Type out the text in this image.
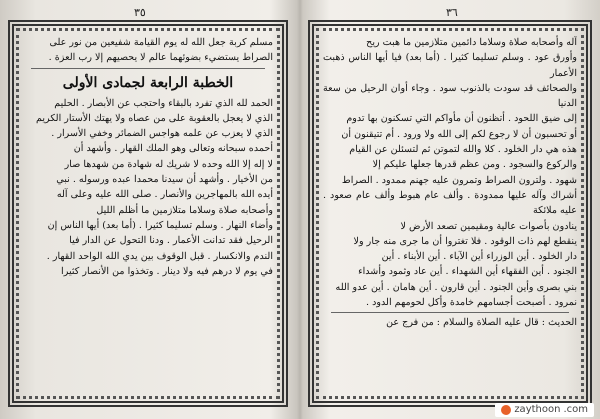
٣٥

مسلم كربة جعل الله له يوم القيامة شفيعين من نور على

الصراط يستضيء بضوئهما عالم لا يحصيهم إلا رب العزة .

الخطبة الرابعة لجمادى الأولى

الحمد لله الذي تفرد بالبقاء واحتجب عن الأبصار . الحليم

الذي لا يعجل بالعقوبة على من عصاه ولا يهتك الأستار الكريم

الذي لا يعزب عن علمه هواجس الضمائر وخفي الأسرار .

أحمده سبحانه وتعالى وهو الملك القهار . وأشهد أن

لا إله إلا الله وحده لا شريك له شهادة من شهدها صار

من الأخيار . وأشهد أن سيدنا محمدا عبده ورسوله . نبي

أيده الله بالمهاجرين والأنصار . صلى الله عليه وعلى آله

وأصحابه صلاة وسلاما متلازمين ما أظلم الليل

وأضاء النهار . وسلم تسليما كثيرا . (أما بعد) أيها الناس إن

الرحيل فقد تدانت الأعمار . ودنا التحول عن الدار فيا

الندم والانكسار . قبل الوقوف بين يدي الله الواحد القهار .

في يوم لا درهم فيه ولا دينار . وتخذوا من الأنصار كثيرا

٣٦

آله وأصحابه صلاة وسلاما دائمين متلازمين ما هبت ريح

وأورق عود . وسلم تسليما كثيرا . (أما بعد) فيا أيها الناس ذهبت الأعمار

والصحائف قد سودت بالذنوب سود . وجاء أوان الرحيل من سعة الدنيا

إلى ضيق اللحود . أتظنون أن مأواكم التي تسكنون بها تدوم

أو تحسبون أن لا رجوع لكم إلى الله ولا ورود . أم تتيقنون أن

هذه هي دار الخلود . كلا والله لتموتن ثم لتسئلن عن القيام

والركوع والسجود . ومن عظم قدرها جعلها عليكم إلا

شهود . ولترون الصراط وتمرون عليه جهنم ممدود . الصراط

أشراك وآله عليها ممدودة . وألف عام هبوط وألف عام صعود . عليه ملائكة

ينادون بأصوات عالية ومقيمين تصعد الأرض لا

ينقطع لهم ذات الوقود . فلا تغتروا أن ما جرى منه جار ولا

دار الخلود . أين الوزراء أين الآباء . أين الأبناء . أين

الجنود . أين الفقهاء أين الشهداء . أين عاد وثمود وأشداء

بني بصرى وأين الجنود . أين قارون . أين هامان . أين عدو الله

نمرود . أصبحت أجسامهم خامدة وأكل لحومهم الدود .

الحديث : قال عليه الصلاة والسلام : من فرج عن

zaythoon .com
